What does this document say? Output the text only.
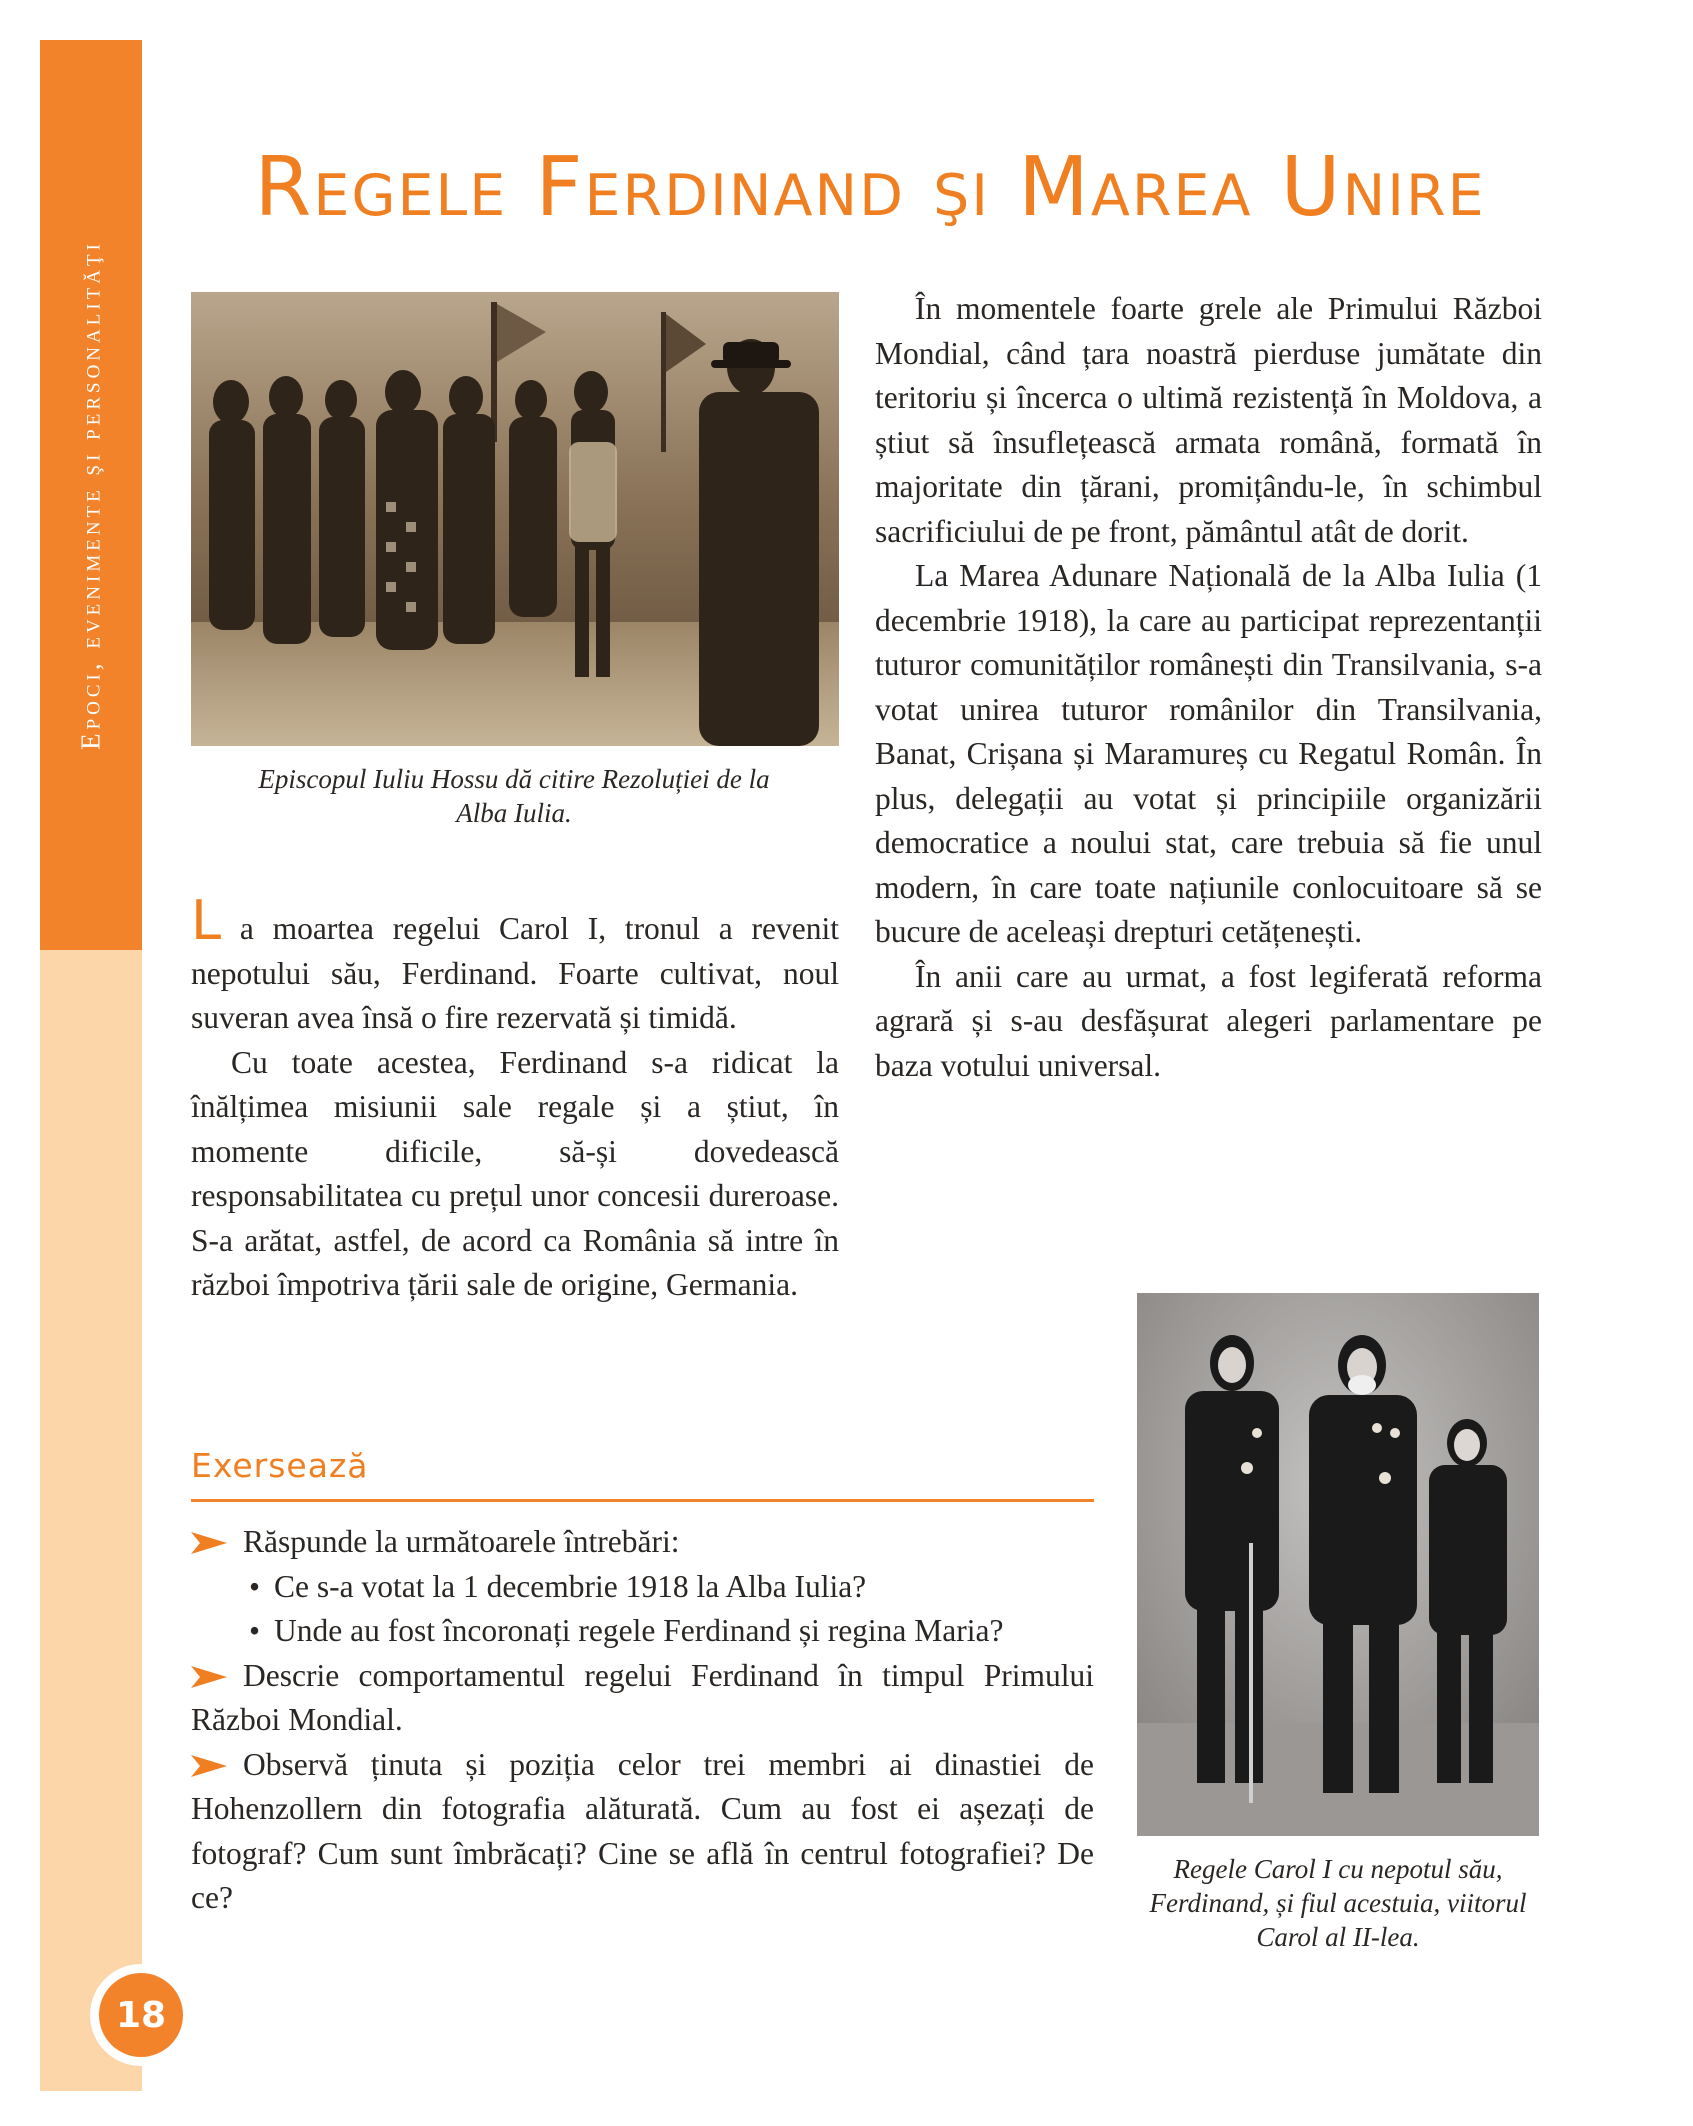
Epoci, evenimente şi personalităţi
18
Regele Ferdinand şi Marea Unire
Episcopul Iuliu Hossu dă citire Rezoluției de la Alba Iulia.

În momentele foarte grele ale Primului Război Mondial, când țara noastră pierduse jumătate din teritoriu și încerca o ultimă rezistență în Moldova, a știut să însuflețească armata română, formată în majoritate din țărani, promițându-le, în schimbul sacrificiului de pe front, pământul atât de dorit.

La Marea Adunare Națională de la Alba Iulia (1 decembrie 1918), la care au participat reprezentanții tuturor comunităților românești din Transilvania, s-a votat unirea tuturor românilor din Transilvania, Banat, Crișana și Maramureș cu Regatul Român. În plus, delegații au votat și principiile organizării democratice a noului stat, care trebuia să fie unul modern, în care toate națiunile conlocuitoare să se bucure de aceleași drepturi cetățenești.

În anii care au urmat, a fost legiferată reforma agrară și s-au desfășurat alegeri parlamentare pe baza votului universal.

L a moartea regelui Carol I, tronul a revenit nepotului său, Ferdinand. Foarte cultivat, noul suveran avea însă o fire rezervată și timidă.

Cu toate acestea, Ferdinand s-a ridicat la înălțimea misiunii sale regale și a știut, în momente dificile, să-și dovedească responsabilitatea cu prețul unor concesii dureroase. S-a arătat, astfel, de acord ca România să intre în război împotriva țării sale de origine, Germania.

Regele Carol I cu nepotul său, Ferdinand, și fiul acestuia, viitorul Carol al II-lea.
Exersează
Răspunde la următoarele întrebări:
• Ce s-a votat la 1 decembrie 1918 la Alba Iulia?
• Unde au fost încoronați regele Ferdinand și regina Maria?
Descrie comportamentul regelui Ferdinand în timpul Primului Război Mondial.
Observă ținuta și poziția celor trei membri ai dinastiei de Hohenzollern din fotografia alăturată. Cum au fost ei așezați de fotograf? Cum sunt îmbrăcați? Cine se află în centrul fotografiei? De ce?
